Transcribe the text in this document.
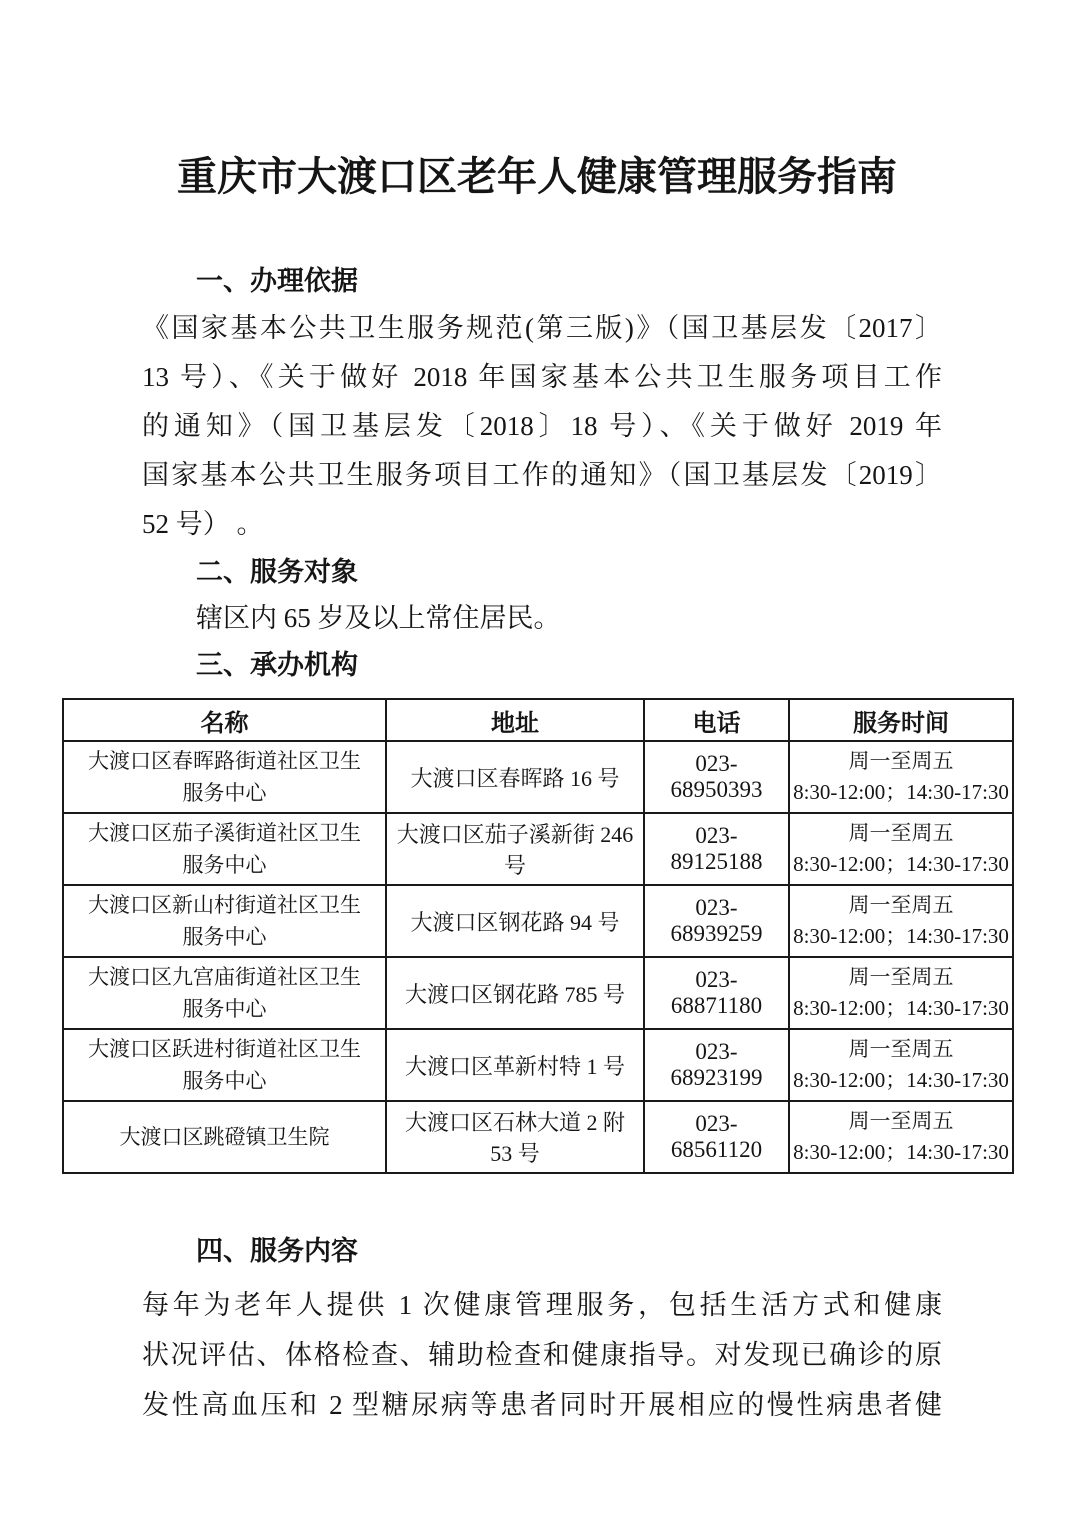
重庆市大渡口区老年人健康管理服务指南
一、办理依据
《国家基本公共卫生服务规范(第三版)》（国卫基层发〔2017〕
13 号）、《关于做好 2018 年国家基本公共卫生服务项目工作
的通知》（国卫基层发〔2018〕18 号）、《关于做好 2019 年
国家基本公共卫生服务项目工作的通知》（国卫基层发〔2019〕
52 号） 。
二、服务对象
辖区内 65 岁及以上常住居民。
三、承办机构
名称	地址	电话	服务时间
大渡口区春晖路街道社区卫生服务中心	大渡口区春晖路 16 号	023-68950393	周一至周五
8:30-12:00；14:30-17:30

大渡口区茄子溪街道社区卫生服务中心	大渡口区茄子溪新街 246 号	023-89125188	周一至周五
8:30-12:00；14:30-17:30

大渡口区新山村街道社区卫生服务中心	大渡口区钢花路 94 号	023-68939259	周一至周五
8:30-12:00；14:30-17:30

大渡口区九宫庙街道社区卫生服务中心	大渡口区钢花路 785 号	023-68871180	周一至周五
8:30-12:00；14:30-17:30

大渡口区跃进村街道社区卫生服务中心	大渡口区革新村特 1 号	023-68923199	周一至周五
8:30-12:00；14:30-17:30

大渡口区跳磴镇卫生院	大渡口区石林大道 2 附 53 号	023-68561120	周一至周五
8:30-12:00；14:30-17:30
四、服务内容
每年为老年人提供 1 次健康管理服务，包括生活方式和健康
状况评估、体格检查、辅助检查和健康指导。对发现已确诊的原
发性高血压和 2 型糖尿病等患者同时开展相应的慢性病患者健
